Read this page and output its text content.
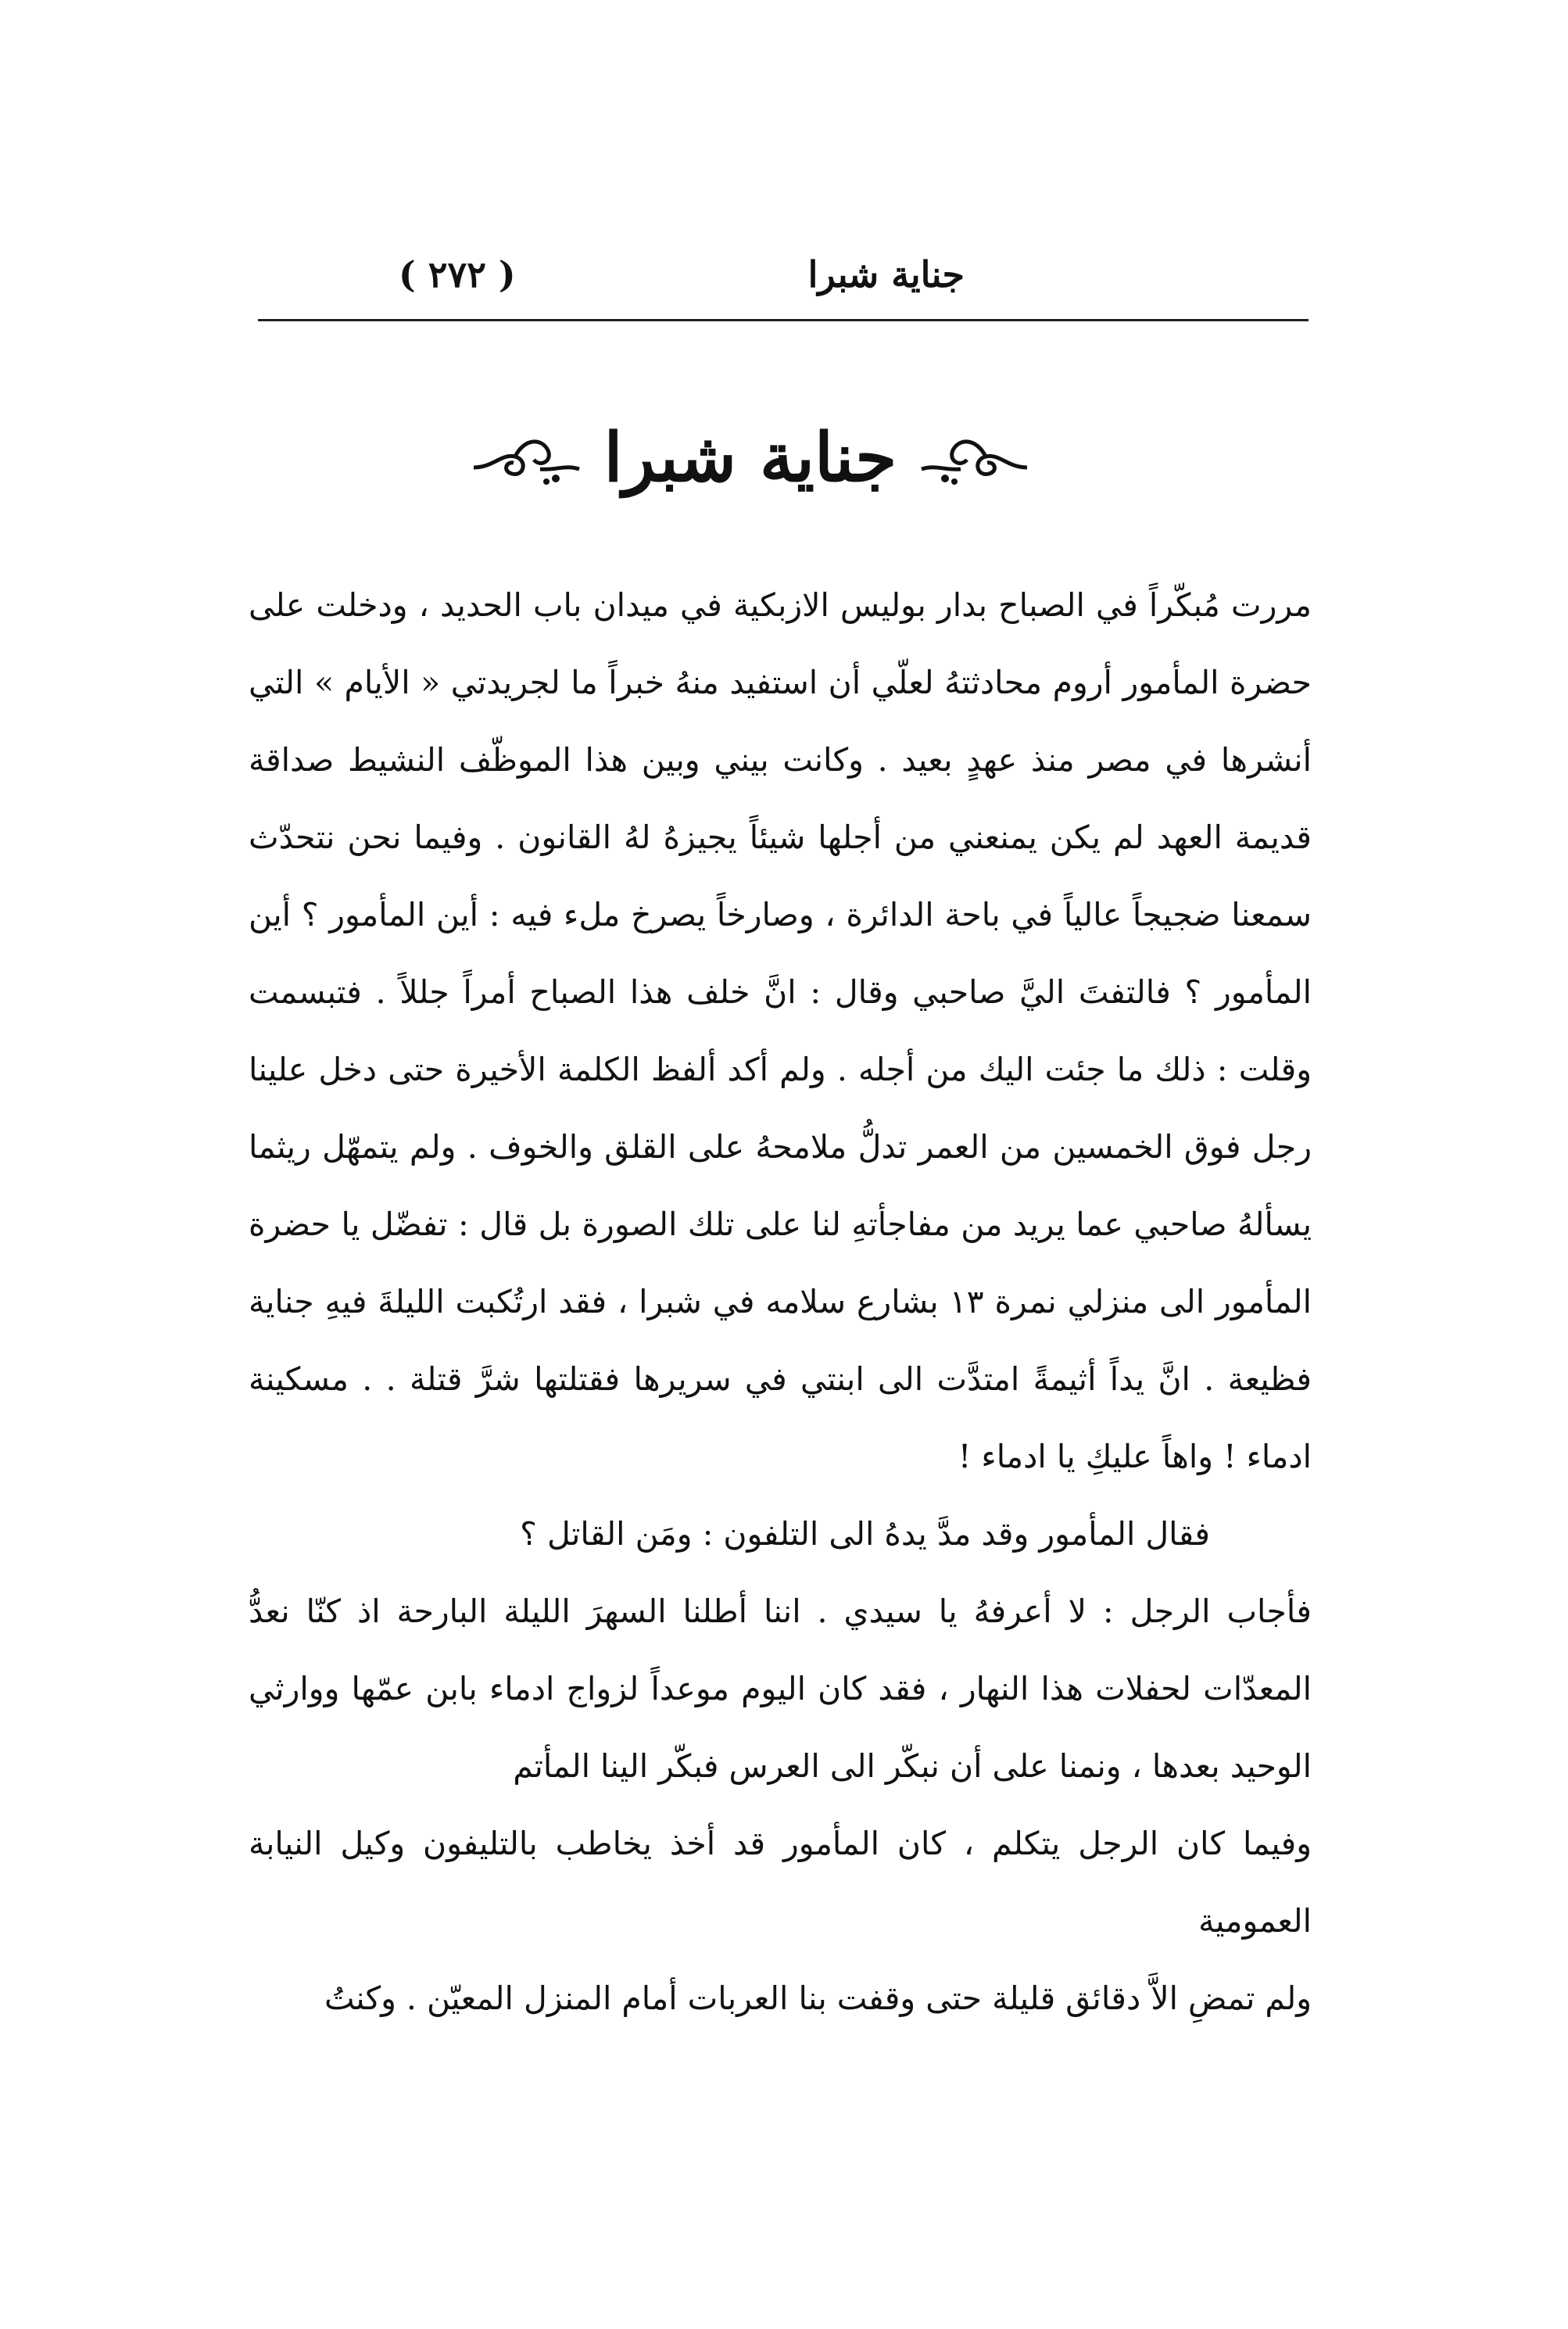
جناية شبرا
( ٢٧٢ )
جناية شبرا

مررت مُبكّراً في الصباح بدار بوليس الازبكية في ميدان باب الحديد ، ودخلت على حضرة المأمور أروم محادثتهُ لعلّي أن استفيد منهُ خبراً ما لجريدتي « الأيام » التي أنشرها في مصر منذ عهدٍ بعيد . وكانت بيني وبين هذا الموظّف النشيط صداقة قديمة العهد لم يكن يمنعني من أجلها شيئاً يجيزهُ لهُ القانون . وفيما نحن نتحدّث سمعنا ضجيجاً عالياً في باحة الدائرة ، وصارخاً يصرخ ملء فيه : أين المأمور ؟ أين المأمور ؟ فالتفتَ اليَّ صاحبي وقال : انَّ خلف هذا الصباح أمراً جللاً . فتبسمت وقلت : ذلك ما جئت اليك من أجله . ولم أكد ألفظ الكلمة الأخيرة حتى دخل علينا رجل فوق الخمسين من العمر تدلُّ ملامحهُ على القلق والخوف . ولم يتمهّل ريثما يسألهُ صاحبي عما يريد من مفاجأتهِ لنا على تلك الصورة بل قال : تفضّل يا حضرة المأمور الى منزلي نمرة ١٣ بشارع سلامه في شبرا ، فقد ارتُكبت الليلةَ فيهِ جناية فظيعة . انَّ يداً أثيمةً امتدَّت الى ابنتي في سريرها فقتلتها شرَّ قتلة . . مسكينة ادماء ! واهاً عليكِ يا ادماء !

فقال المأمور وقد مدَّ يدهُ الى التلفون : ومَن القاتل ؟

فأجاب الرجل : لا أعرفهُ يا سيدي . اننا أطلنا السهرَ الليلة البارحة اذ كنّا نعدُّ المعدّات لحفلات هذا النهار ، فقد كان اليوم موعداً لزواج ادماء بابن عمّها ووارثي الوحيد بعدها ، ونمنا على أن نبكّر الى العرس فبكّر الينا المأتم

وفيما كان الرجل يتكلم ، كان المأمور قد أخذ يخاطب بالتليفون وكيل النيابة العمومية

ولم تمضِ الاَّ دقائق قليلة حتى وقفت بنا العربات أمام المنزل المعيّن . وكنتُ
